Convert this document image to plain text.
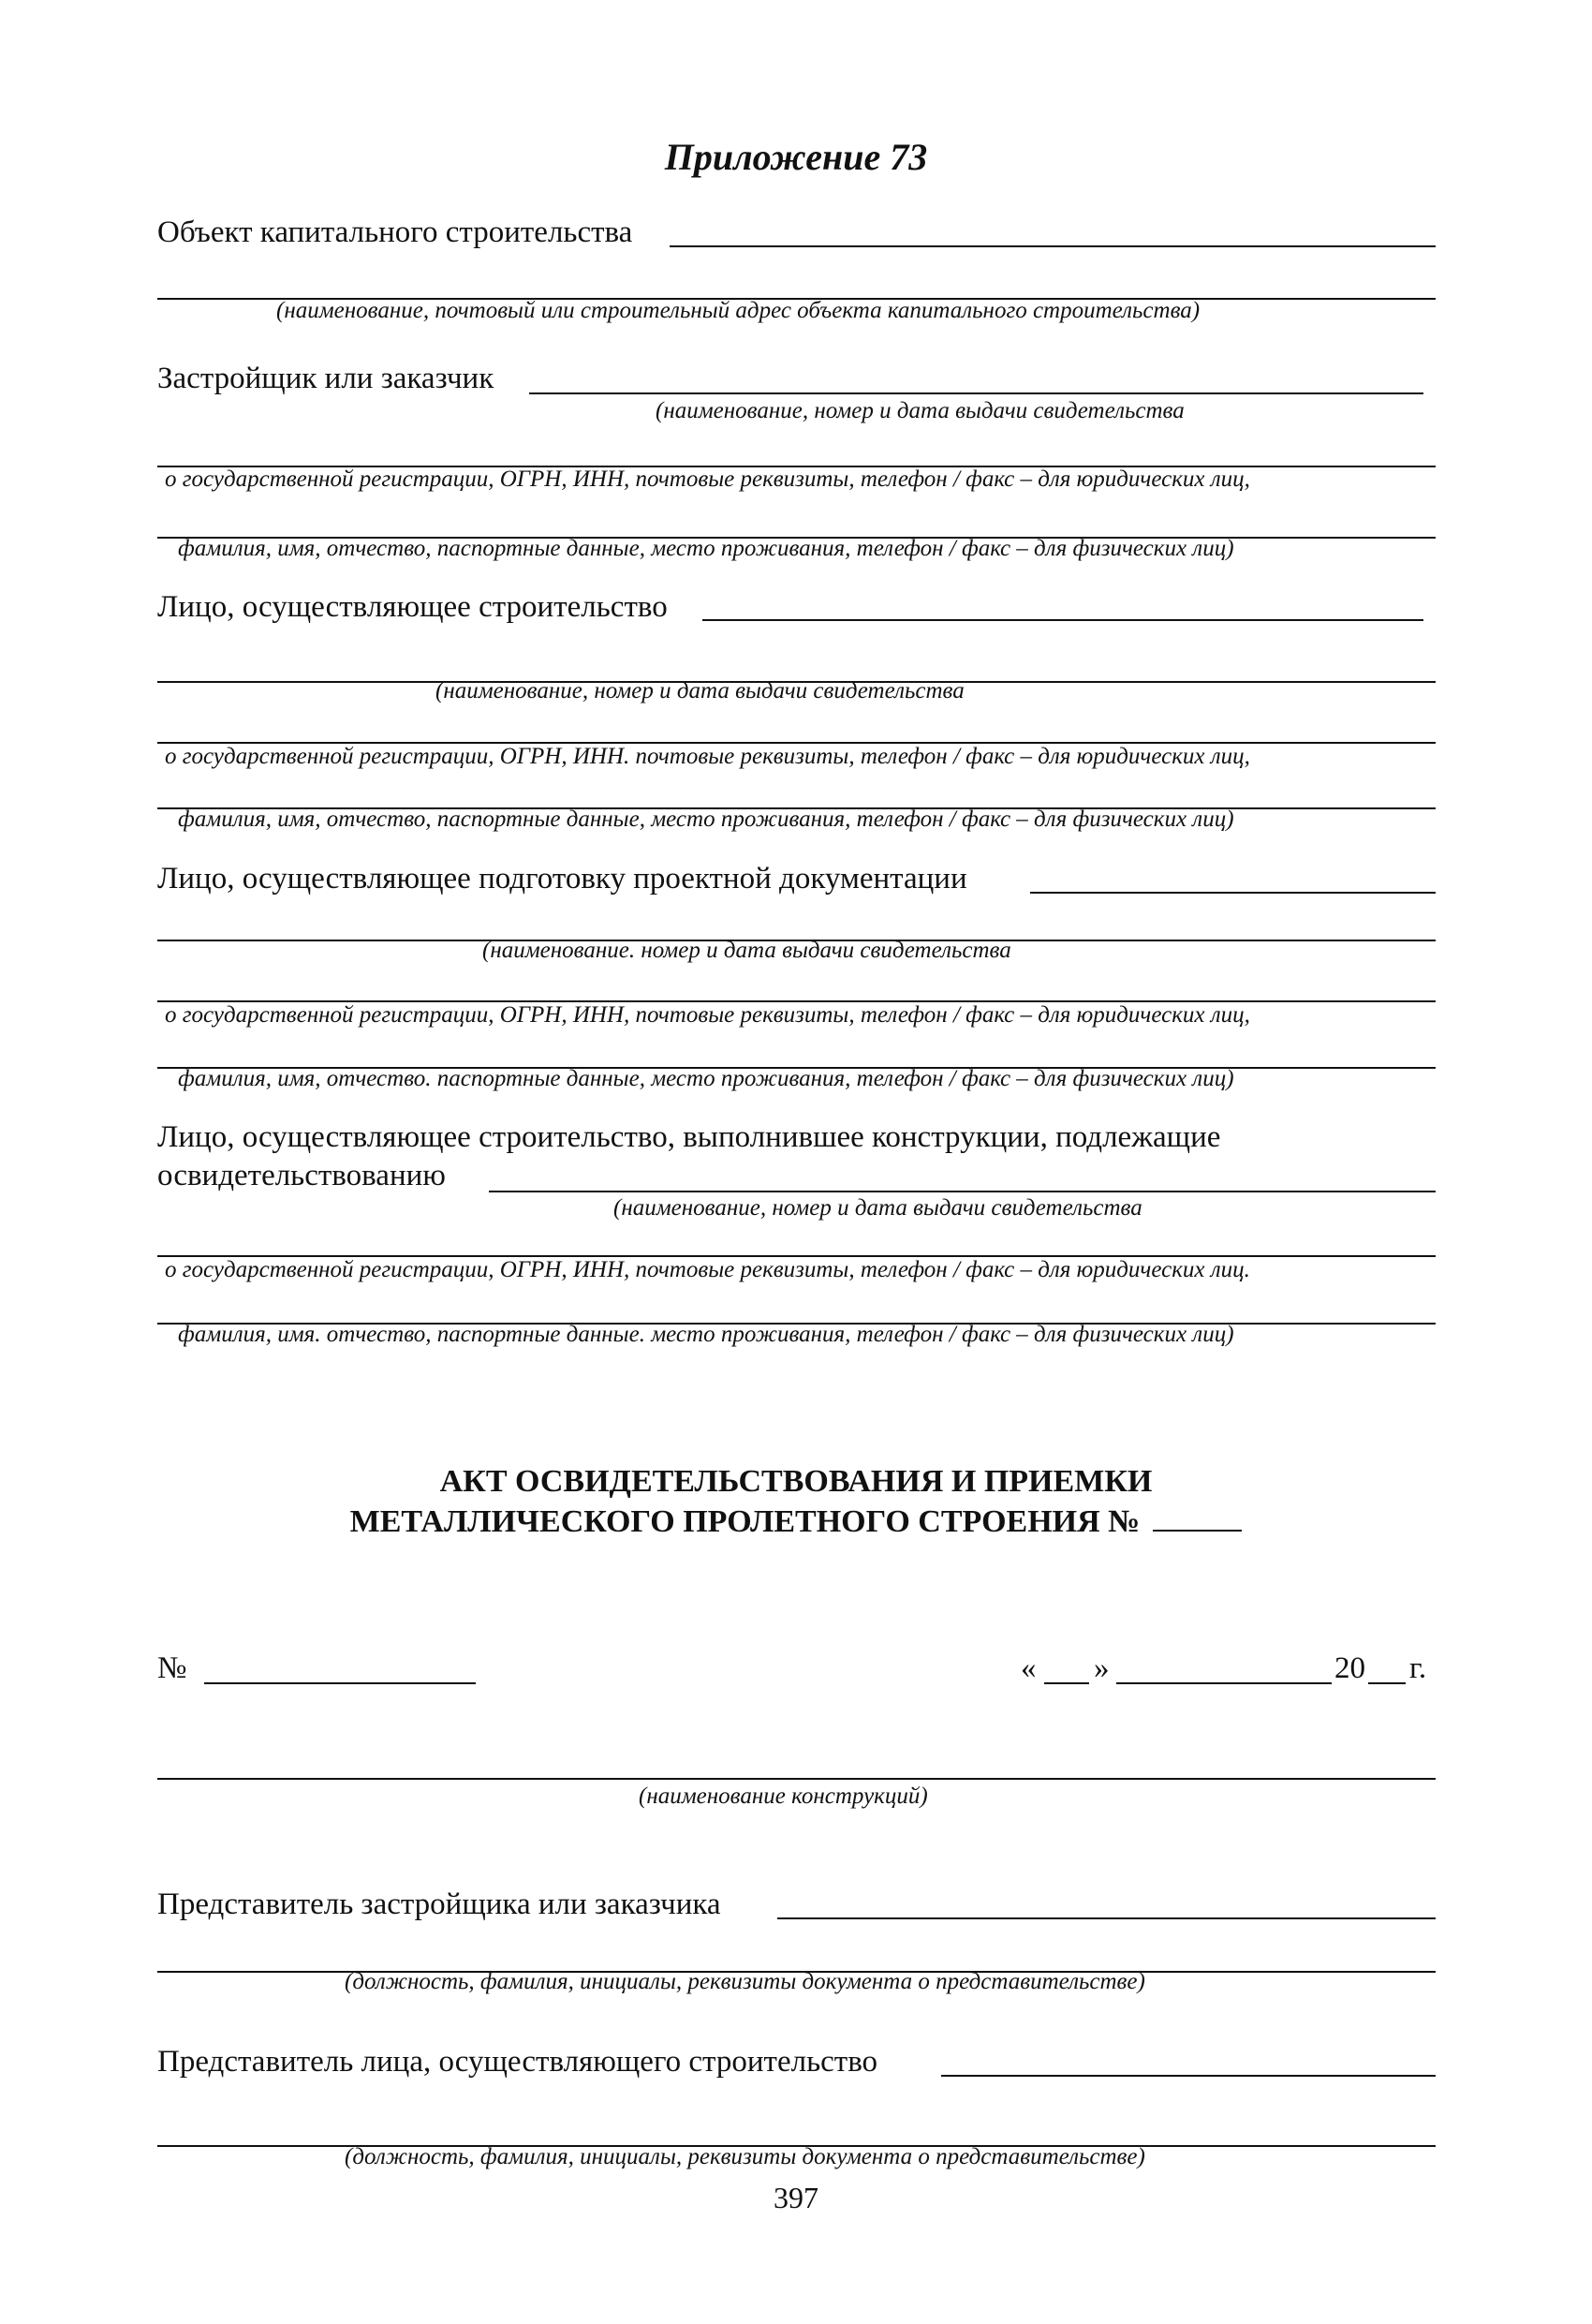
Приложение 73
Объект капитального строительства
(наименование, почтовый или строительный адрес объекта капитального строительства)
Застройщик или заказчик
(наименование, номер и дата выдачи свидетельства
о государственной регистрации, ОГРН, ИНН, почтовые реквизиты, телефон / факс – для юридических лиц,
фамилия, имя, отчество, паспортные данные, место проживания, телефон / факс – для физических лиц)
Лицо, осуществляющее строительство
(наименование, номер и дата выдачи свидетельства
о государственной регистрации, ОГРН, ИНН. почтовые реквизиты, телефон / факс – для юридических лиц,
фамилия, имя, отчество, паспортные данные, место проживания, телефон / факс – для физических лиц)
Лицо, осуществляющее подготовку проектной документации
(наименование. номер и дата выдачи свидетельства
о государственной регистрации, ОГРН, ИНН, почтовые реквизиты, телефон / факс – для юридических лиц,
фамилия, имя, отчество. паспортные данные, место проживания, телефон / факс – для физических лиц)
Лицо, осуществляющее строительство, выполнившее конструкции, подлежащие
освидетельствованию
(наименование, номер и дата выдачи свидетельства
о государственной регистрации, ОГРН, ИНН, почтовые реквизиты, телефон / факс – для юридических лиц.
фамилия, имя. отчество, паспортные данные. место проживания, телефон / факс – для физических лиц)
АКТ ОСВИДЕТЕЛЬСТВОВАНИЯ И ПРИЕМКИ
МЕТАЛЛИЧЕСКОГО ПРОЛЕТНОГО СТРОЕНИЯ №
№	« »	20 г.
(наименование конструкций)
Представитель застройщика или заказчика
(должность, фамилия, инициалы, реквизиты документа о представительстве)
Представитель лица, осуществляющего строительство
(должность, фамилия, инициалы, реквизиты документа о представительстве)
397
